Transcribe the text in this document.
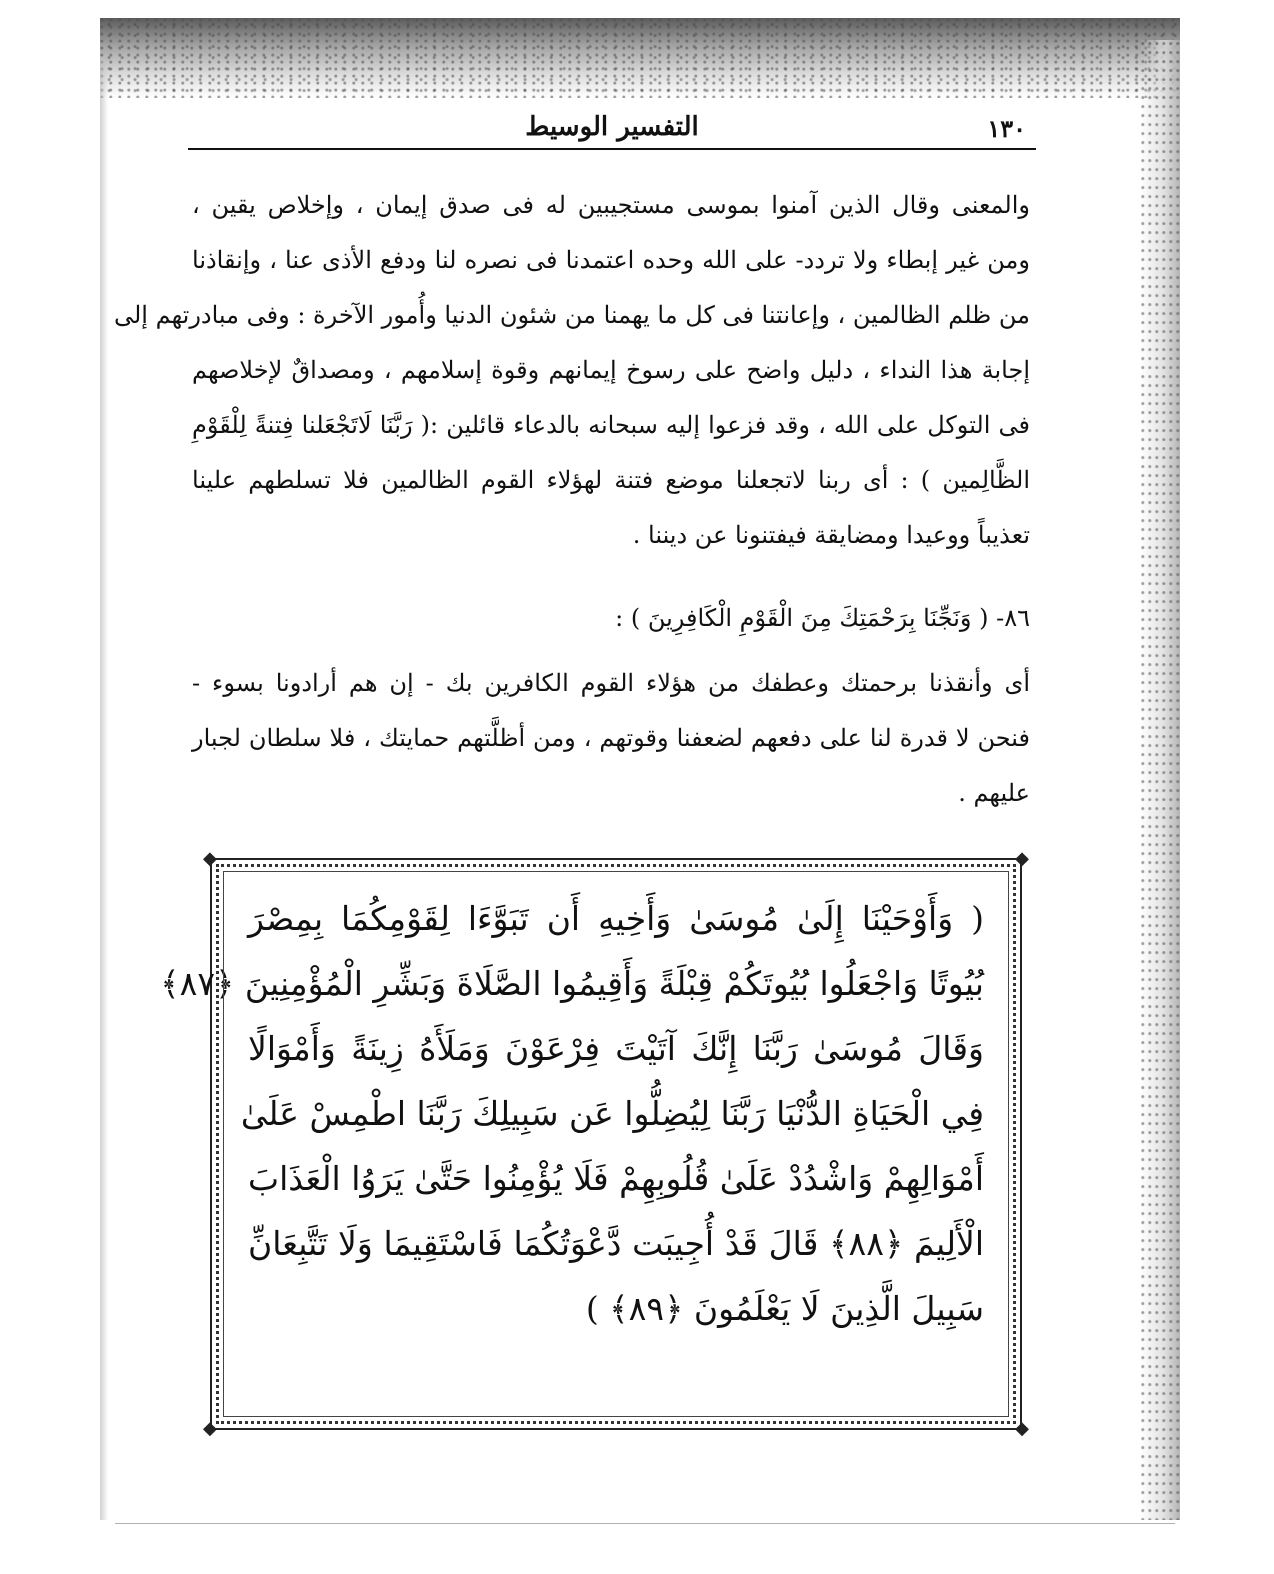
١٣٠
التفسير الوسيط
والمعنى وقال الذين آمنوا بموسى مستجيبين له فى صدق إيمان ، وإخلاص يقين ،
ومن غير إبطاء ولا تردد- على الله وحده اعتمدنا فى نصره لنا ودفع الأذى عنا ، وإنقاذنا
من ظلم الظالمين ، وإعانتنا فى كل ما يهمنا من شئون الدنيا وأُمور الآخرة : وفى مبادرتهم إلى
إجابة هذا النداء ، دليل واضح على رسوخ إيمانهم وقوة إسلامهم ، ومصداقٌ لإخلاصهم
فى التوكل على الله ، وقد فزعوا إليه سبحانه بالدعاء قائلين :( رَبَّنَا لَاتَجْعَلنا فِتنةً لِلْقَوْمِ
الظَّالِمين ) : أى ربنا لاتجعلنا موضع فتنة لهؤلاء القوم الظالمين فلا تسلطهم علينا
تعذيباً ووعيدا ومضايقة فيفتنونا عن ديننا .
٨٦- ( وَنَجِّنَا بِرَحْمَتِكَ مِنَ الْقَوْمِ الْكَافِرِينَ ) :
أى وأنقذنا برحمتك وعطفك من هؤلاء القوم الكافرين بك - إن هم أرادونا بسوء -
فنحن لا قدرة لنا على دفعهم لضعفنا وقوتهم ، ومن أظلَّتهم حمايتك ، فلا سلطان لجبار
عليهم .
◆	◆
◆	◆
( وَأَوْحَيْنَا إِلَىٰ مُوسَىٰ وَأَخِيهِ أَن تَبَوَّءَا لِقَوْمِكُمَا بِمِصْرَ
بُيُوتًا وَاجْعَلُوا بُيُوتَكُمْ قِبْلَةً وَأَقِيمُوا الصَّلَاةَ وَبَشِّرِ الْمُؤْمِنِينَ ﴿٨٧﴾
وَقَالَ مُوسَىٰ رَبَّنَا إِنَّكَ آتَيْتَ فِرْعَوْنَ وَمَلَأَهُ زِينَةً وَأَمْوَالًا
فِي الْحَيَاةِ الدُّنْيَا رَبَّنَا لِيُضِلُّوا عَن سَبِيلِكَ رَبَّنَا اطْمِسْ عَلَىٰ
أَمْوَالِهِمْ وَاشْدُدْ عَلَىٰ قُلُوبِهِمْ فَلَا يُؤْمِنُوا حَتَّىٰ يَرَوُا الْعَذَابَ
الْأَلِيمَ ﴿٨٨﴾ قَالَ قَدْ أُجِيبَت دَّعْوَتُكُمَا فَاسْتَقِيمَا وَلَا تَتَّبِعَانِّ
سَبِيلَ الَّذِينَ لَا يَعْلَمُونَ ﴿٨٩﴾ )
